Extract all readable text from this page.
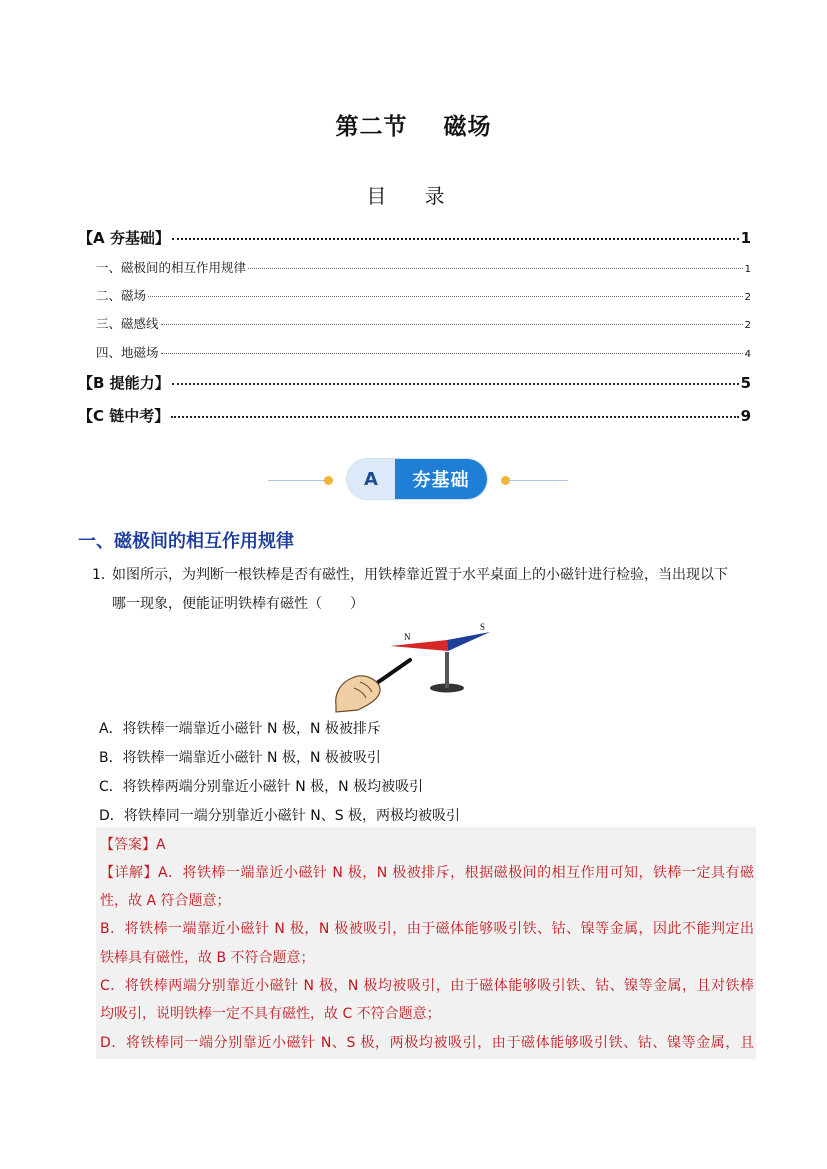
第二节    磁场
目 录
【A 夯基础】	1
一、磁极间的相互作用规律	1
二、磁场	2
三、磁感线	2
四、地磁场	4
【B 提能力】	5
【C 链中考】	9
A	夯基础
一、磁极间的相互作用规律
1．
如图所示，为判断一根铁棒是否有磁性，用铁棒靠近置于水平桌面上的小磁针进行检验，当出现以下
哪一现象，便能证明铁棒有磁性（　　）
N
S
A．将铁棒一端靠近小磁针 N 极，N 极被排斥
B．将铁棒一端靠近小磁针 N 极，N 极被吸引
C．将铁棒两端分别靠近小磁针 N 极，N 极均被吸引
D．将铁棒同一端分别靠近小磁针 N、S 极，两极均被吸引
【答案】A
【详解】A．将铁棒一端靠近小磁针 N 极，N 极被排斥，根据磁极间的相互作用可知，铁棒一定具有磁
性，故 A 符合题意；
B．将铁棒一端靠近小磁针 N 极，N 极被吸引，由于磁体能够吸引铁、钴、镍等金属，因此不能判定出
铁棒具有磁性，故 B 不符合题意；
C．将铁棒两端分别靠近小磁针 N 极，N 极均被吸引，由于磁体能够吸引铁、钴、镍等金属，且对铁棒
均吸引，说明铁棒一定不具有磁性，故 C 不符合题意；
D．将铁棒同一端分别靠近小磁针 N、S 极，两极均被吸引，由于磁体能够吸引铁、钴、镍等金属，且
